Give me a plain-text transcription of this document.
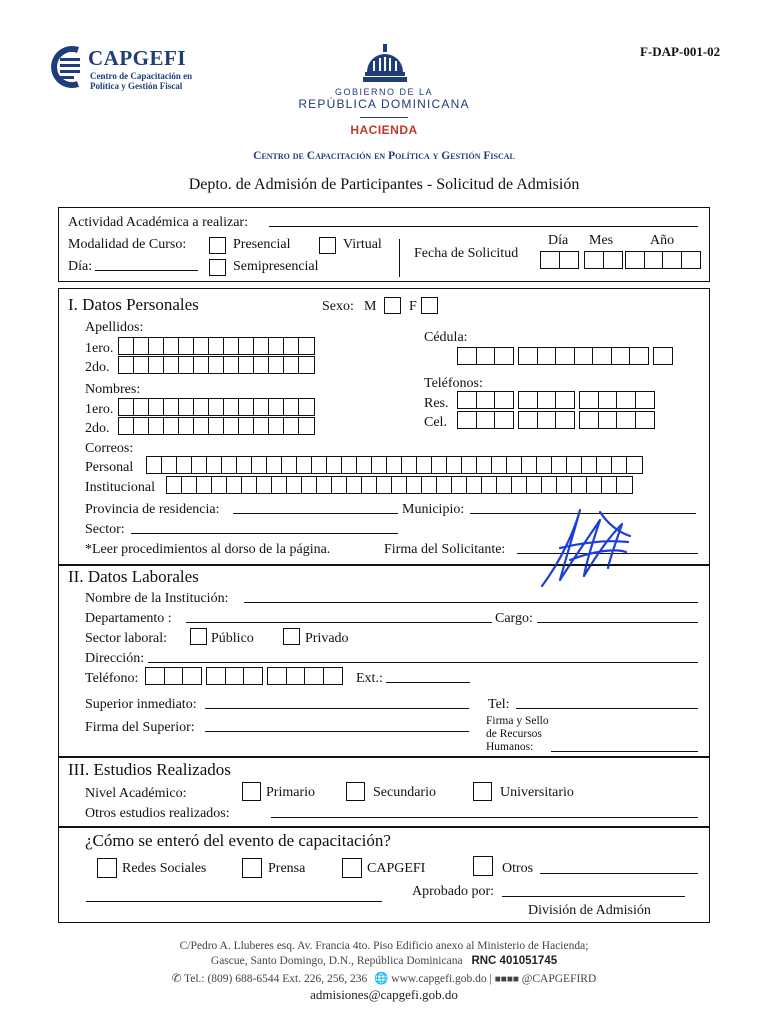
CAPGEFI
Centro de Capacitación en
Política y Gestión Fiscal
F-DAP-001-02
GOBIERNO DE LA
REPÚBLICA DOMINICANA
HACIENDA
Centro de Capacitación en Política y Gestión Fiscal
Depto. de Admisión de Participantes - Solicitud de Admisión
Actividad Académica a realizar:
Modalidad de Curso:	Presencial	Virtual
Día:	Semipresencial
Fecha de Solicitud
Día Mes	Año
I. Datos Personales	Sexo: M F
Apellidos:
1ero.
2do.
Nombres:
1ero.
2do.
Cédula:
Teléfonos:
Res.
Cel.
Correos:
Personal
Institucional
Provincia de residencia:	Municipio:
Sector:
*Leer procedimientos al dorso de la página.	Firma del Solicitante:
II. Datos Laborales
Nombre de la Institución:
Departamento :	Cargo:
Sector laboral:	Público	Privado
Dirección:
Teléfono:	Ext.:
Superior inmediato:	Tel:
Firma del Superior:	Firma y Sello
de Recursos
Humanos:
III. Estudios Realizados
Nivel Académico:	Primario	Secundario	Universitario
Otros estudios realizados:
¿Cómo se enteró del evento de capacitación?
Redes Sociales	Prensa	CAPGEFI	Otros
Aprobado por:
División de Admisión
C/Pedro A. Lluberes esq. Av. Francia 4to. Piso Edificio anexo al Ministerio de Hacienda;
Gascue, Santo Domingo, D.N., República Dominicana RNC 401051745
✆ Tel.: (809) 688-6544 Ext. 226, 256, 236 🌐 www.capgefi.gob.do | ■■■■ @CAPGEFIRD
admisiones@capgefi.gob.do
